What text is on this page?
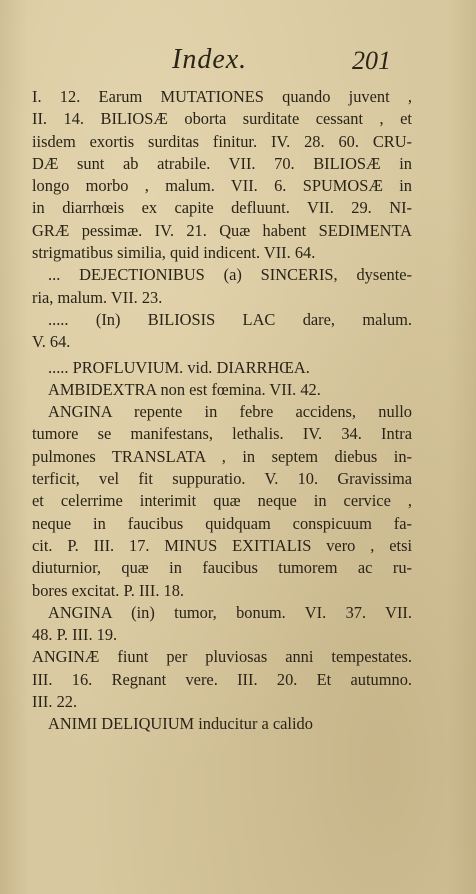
Index.	201
I. 12. Earum MUTATIONES quando juvent ,
II. 14. BILIOSÆ oborta surditate cessant , et
iisdem exortis surditas finitur. IV. 28. 60. CRU-
DÆ sunt ab atrabile. VII. 70. BILIOSÆ in
longo morbo , malum. VII. 6. SPUMOSÆ in
in diarrhœis ex capite defluunt. VII. 29. NI-
GRÆ pessimæ. IV. 21. Quæ habent SEDIMENTA
strigmatibus similia, quid indicent. VII. 64.
... DEJECTIONIBUS (a) SINCERIS, dysente-
ria, malum. VII. 23.
..... (In) BILIOSIS LAC dare, malum.
V. 64.
..... PROFLUVIUM. vid. DIARRHŒA.
AMBIDEXTRA non est fœmina. VII. 42.
ANGINA repente in febre accidens, nullo
tumore se manifestans, lethalis. IV. 34. Intra
pulmones TRANSLATA , in septem diebus in-
terficit, vel fit suppuratio. V. 10. Gravissima
et celerrime interimit quæ neque in cervice ,
neque in faucibus quidquam conspicuum fa-
cit. P. III. 17. MINUS EXITIALIS vero , etsi
diuturnior, quæ in faucibus tumorem ac ru-
bores excitat. P. III. 18.
ANGINA (in) tumor, bonum. VI. 37. VII.
48. P. III. 19.
ANGINÆ fiunt per pluviosas anni tempestates.
III. 16. Regnant vere. III. 20. Et autumno.
III. 22.
ANIMI DELIQUIUM inducitur a calido
